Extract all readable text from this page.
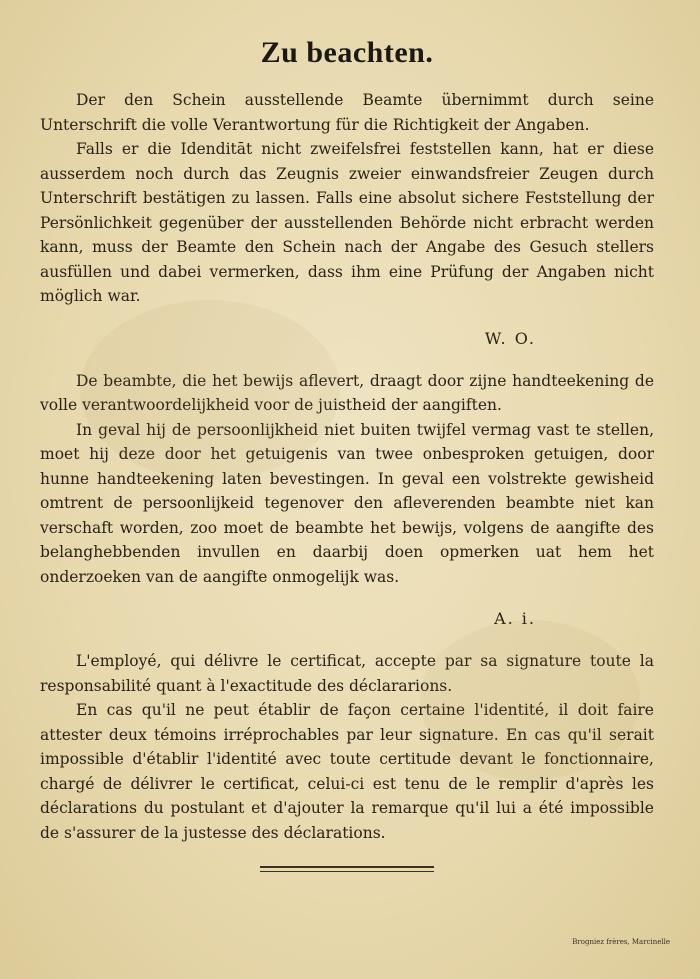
Zu beachten.

Der den Schein ausstellende Beamte übernimmt durch seine Unterschrift die volle Verantwortung für die Richtigkeit der Angaben.

Falls er die Idenditāt nicht zweifelsfrei feststellen kann, hat er diese ausserdem noch durch das Zeugnis zweier einwandsfreier Zeugen durch Unterschrift bestätigen zu lassen. Falls eine absolut sichere Feststellung der Persönlichkeit gegenüber der ausstellenden Behörde nicht erbracht werden kann, muss der Beamte den Schein nach der Angabe des Gesuch stellers ausfüllen und dabei vermerken, dass ihm eine Prüfung der Angaben nicht möglich war.

W. O.

De beambte, die het bewijs aflevert, draagt door zijne handteekening de volle verantwoordelijkheid voor de juistheid der aangiften.

In geval hij de persoonlijkheid niet buiten twijfel vermag vast te stellen, moet hij deze door het getuigenis van twee onbesproken getuigen, door hunne handteekening laten bevestingen. In geval een volstrekte gewisheid omtrent de persoonlijkeid tegenover den afleverenden beambte niet kan verschaft worden, zoo moet de beambte het bewijs, volgens de aangifte des belanghebbenden invullen en daarbij doen opmerken uat hem het onderzoeken van de aangifte onmogelijk was.

A. i.

L'employé, qui délivre le certificat, accepte par sa signature toute la responsabilité quant à l'exactitude des déclararions.

En cas qu'il ne peut établir de façon certaine l'identité, il doit faire attester deux témoins irréprochables par leur signature. En cas qu'il serait impossible d'établir l'identité avec toute certitude devant le fonctionnaire, chargé de délivrer le certificat, celui-ci est tenu de le remplir d'après les déclarations du postulant et d'ajouter la remarque qu'il lui a été impossible de s'assurer de la justesse des déclarations.

Brogniez frères, Marcinelle
